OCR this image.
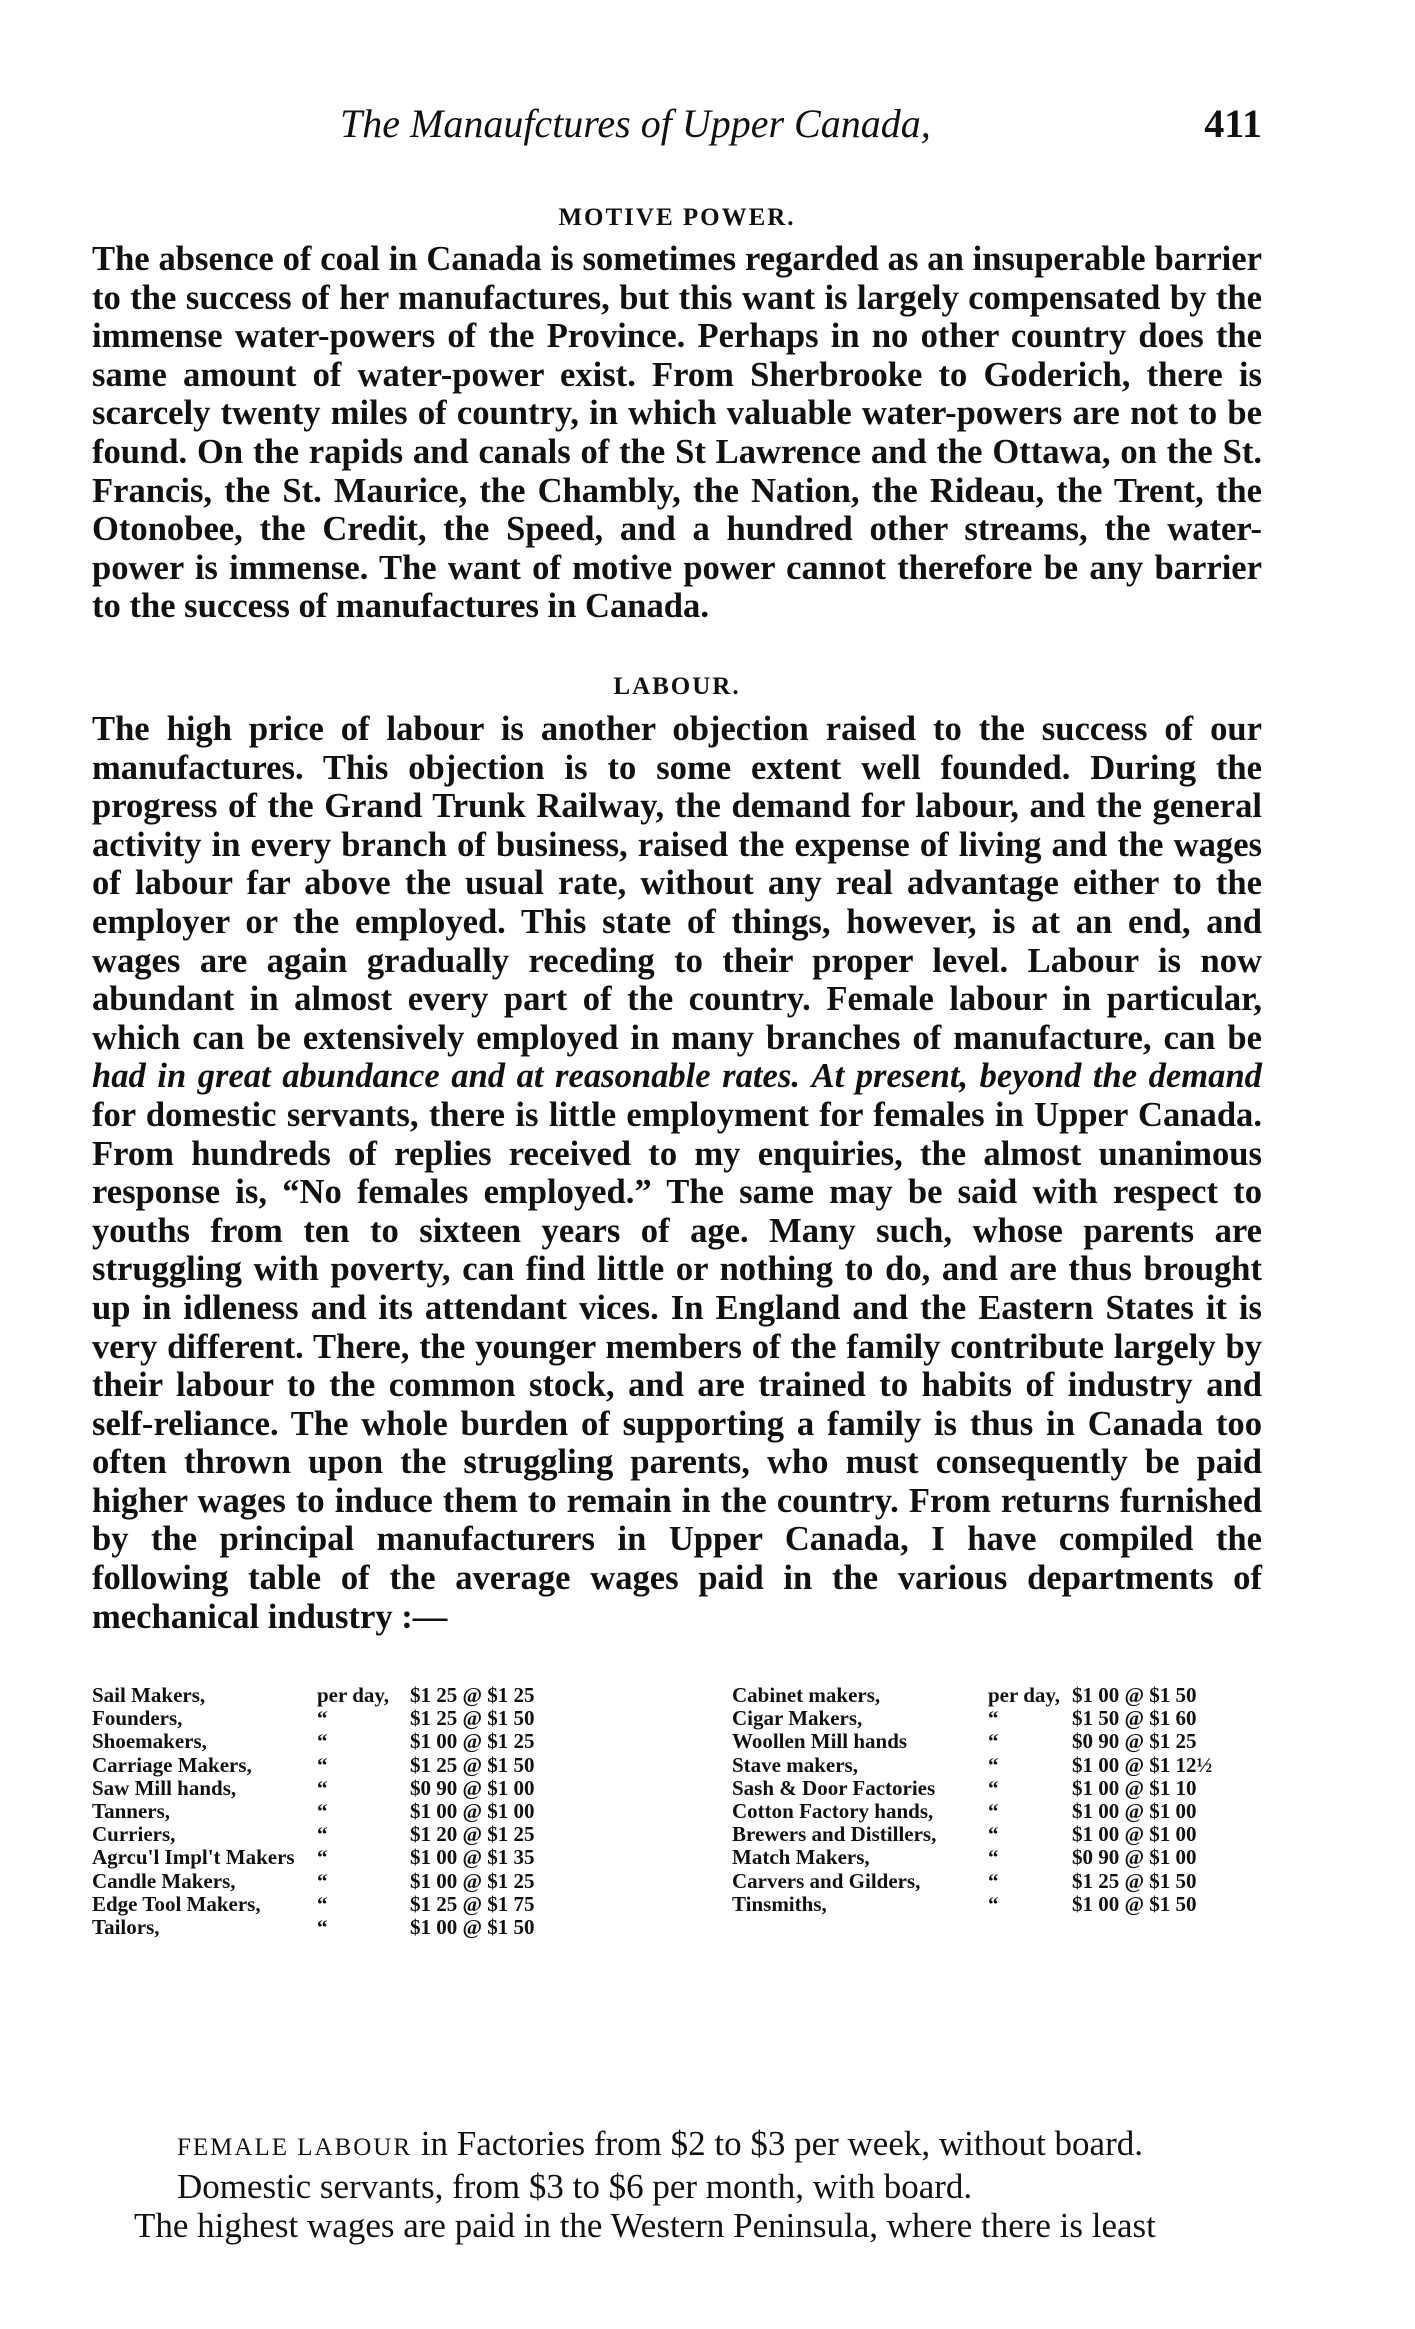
The Manaufctures of Upper Canada,	411
MOTIVE POWER.

The absence of coal in Canada is sometimes regarded as an insuperable barrier to the success of her manufactures, but this want is largely compensated by the immense water-powers of the Province. Perhaps in no other country does the same amount of water-power exist. From Sherbrooke to Goderich, there is scarcely twenty miles of country, in which valuable water-powers are not to be found. On the rapids and canals of the St Lawrence and the Ottawa, on the St. Francis, the St. Maurice, the Chambly, the Nation, the Rideau, the Trent, the Otonobee, the Credit, the Speed, and a hundred other streams, the water-power is immense. The want of motive power cannot therefore be any barrier to the success of manufactures in Canada.

LABOUR.

The high price of labour is another objection raised to the success of our manufactures. This objection is to some extent well founded. During the progress of the Grand Trunk Railway, the demand for labour, and the general activity in every branch of business, raised the expense of living and the wages of labour far above the usual rate, without any real advantage either to the employer or the employed. This state of things, however, is at an end, and wages are again gradually receding to their proper level. Labour is now abundant in almost every part of the country. Female labour in particular, which can be extensively employed in many branches of manufacture, can be had in great abundance and at reasonable rates. At present, beyond the demand for domestic servants, there is little employment for females in Upper Canada. From hundreds of replies received to my enquiries, the almost unanimous response is, “No females employed.” The same may be said with respect to youths from ten to sixteen years of age. Many such, whose parents are struggling with poverty, can find little or nothing to do, and are thus brought up in idleness and its attendant vices. In England and the Eastern States it is very different. There, the younger members of the family contribute largely by their labour to the common stock, and are trained to habits of industry and self-reliance. The whole burden of supporting a family is thus in Canada too often thrown upon the struggling parents, who must consequently be paid higher wages to induce them to remain in the country. From returns furnished by the principal manufacturers in Upper Canada, I have compiled the following table of the average wages paid in the various departments of mechanical industry :—

Sail Makers,	per day, $1 25 @ $1 25
Founders,	“	$1 25 @ $1 50
Shoemakers,	“	$1 00 @ $1 25
Carriage Makers,	“	$1 25 @ $1 50
Saw Mill hands,	“	$0 90 @ $1 00
Tanners,	“	$1 00 @ $1 00
Curriers,	“	$1 20 @ $1 25
Agrcu'l Impl't Makers “	$1 00 @ $1 35
Candle Makers,	“	$1 00 @ $1 25
Edge Tool Makers,	“	$1 25 @ $1 75
Tailors,	“	$1 00 @ $1 50
Cabinet makers,	per day, $1 00 @ $1 50
Cigar Makers,	“	$1 50 @ $1 60
Woollen Mill hands	“	$0 90 @ $1 25
Stave makers,	“	$1 00 @ $1 12½
Sash & Door Factories	“	$1 00 @ $1 10
Cotton Factory hands,	“	$1 00 @ $1 00
Brewers and Distillers, “	$1 00 @ $1 00
Match Makers,	“	$0 90 @ $1 00
Carvers and Gilders,	“	$1 25 @ $1 50
Tinsmiths,	“	$1 00 @ $1 50

FEMALE LABOUR in Factories from $2 to $3 per week, without board.

Domestic servants, from $3 to $6 per month, with board.

The highest wages are paid in the Western Peninsula, where there is least
